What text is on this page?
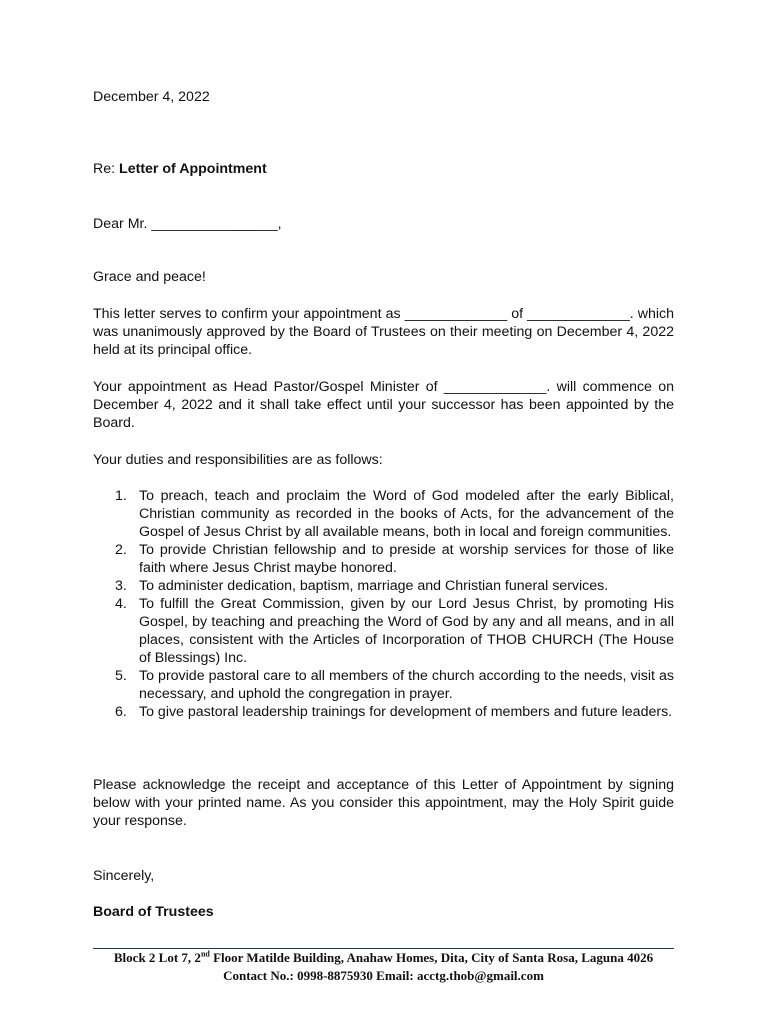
December 4, 2022
Re: Letter of Appointment
Dear Mr. ________________,
Grace and peace!
This letter serves to confirm your appointment as _____________ of _____________. which was unanimously approved by the Board of Trustees on their meeting on December 4, 2022 held at its principal office.
Your appointment as Head Pastor/Gospel Minister of _____________. will commence on December 4, 2022 and it shall take effect until your successor has been appointed by the Board.
Your duties and responsibilities are as follows:
1. To preach, teach and proclaim the Word of God modeled after the early Biblical, Christian community as recorded in the books of Acts, for the advancement of the Gospel of Jesus Christ by all available means, both in local and foreign communities.
2. To provide Christian fellowship and to preside at worship services for those of like faith where Jesus Christ maybe honored.
3. To administer dedication, baptism, marriage and Christian funeral services.
4. To fulfill the Great Commission, given by our Lord Jesus Christ, by promoting His Gospel, by teaching and preaching the Word of God by any and all means, and in all places, consistent with the Articles of Incorporation of THOB CHURCH (The House of Blessings) Inc.
5. To provide pastoral care to all members of the church according to the needs, visit as necessary, and uphold the congregation in prayer.
6. To give pastoral leadership trainings for development of members and future leaders.
Please acknowledge the receipt and acceptance of this Letter of Appointment by signing below with your printed name. As you consider this appointment, may the Holy Spirit guide your response.
Sincerely,
Board of Trustees
Block 2 Lot 7, 2nd Floor Matilde Building, Anahaw Homes, Dita, City of Santa Rosa, Laguna 4026
Contact No.: 0998-8875930 Email: acctg.thob@gmail.com
